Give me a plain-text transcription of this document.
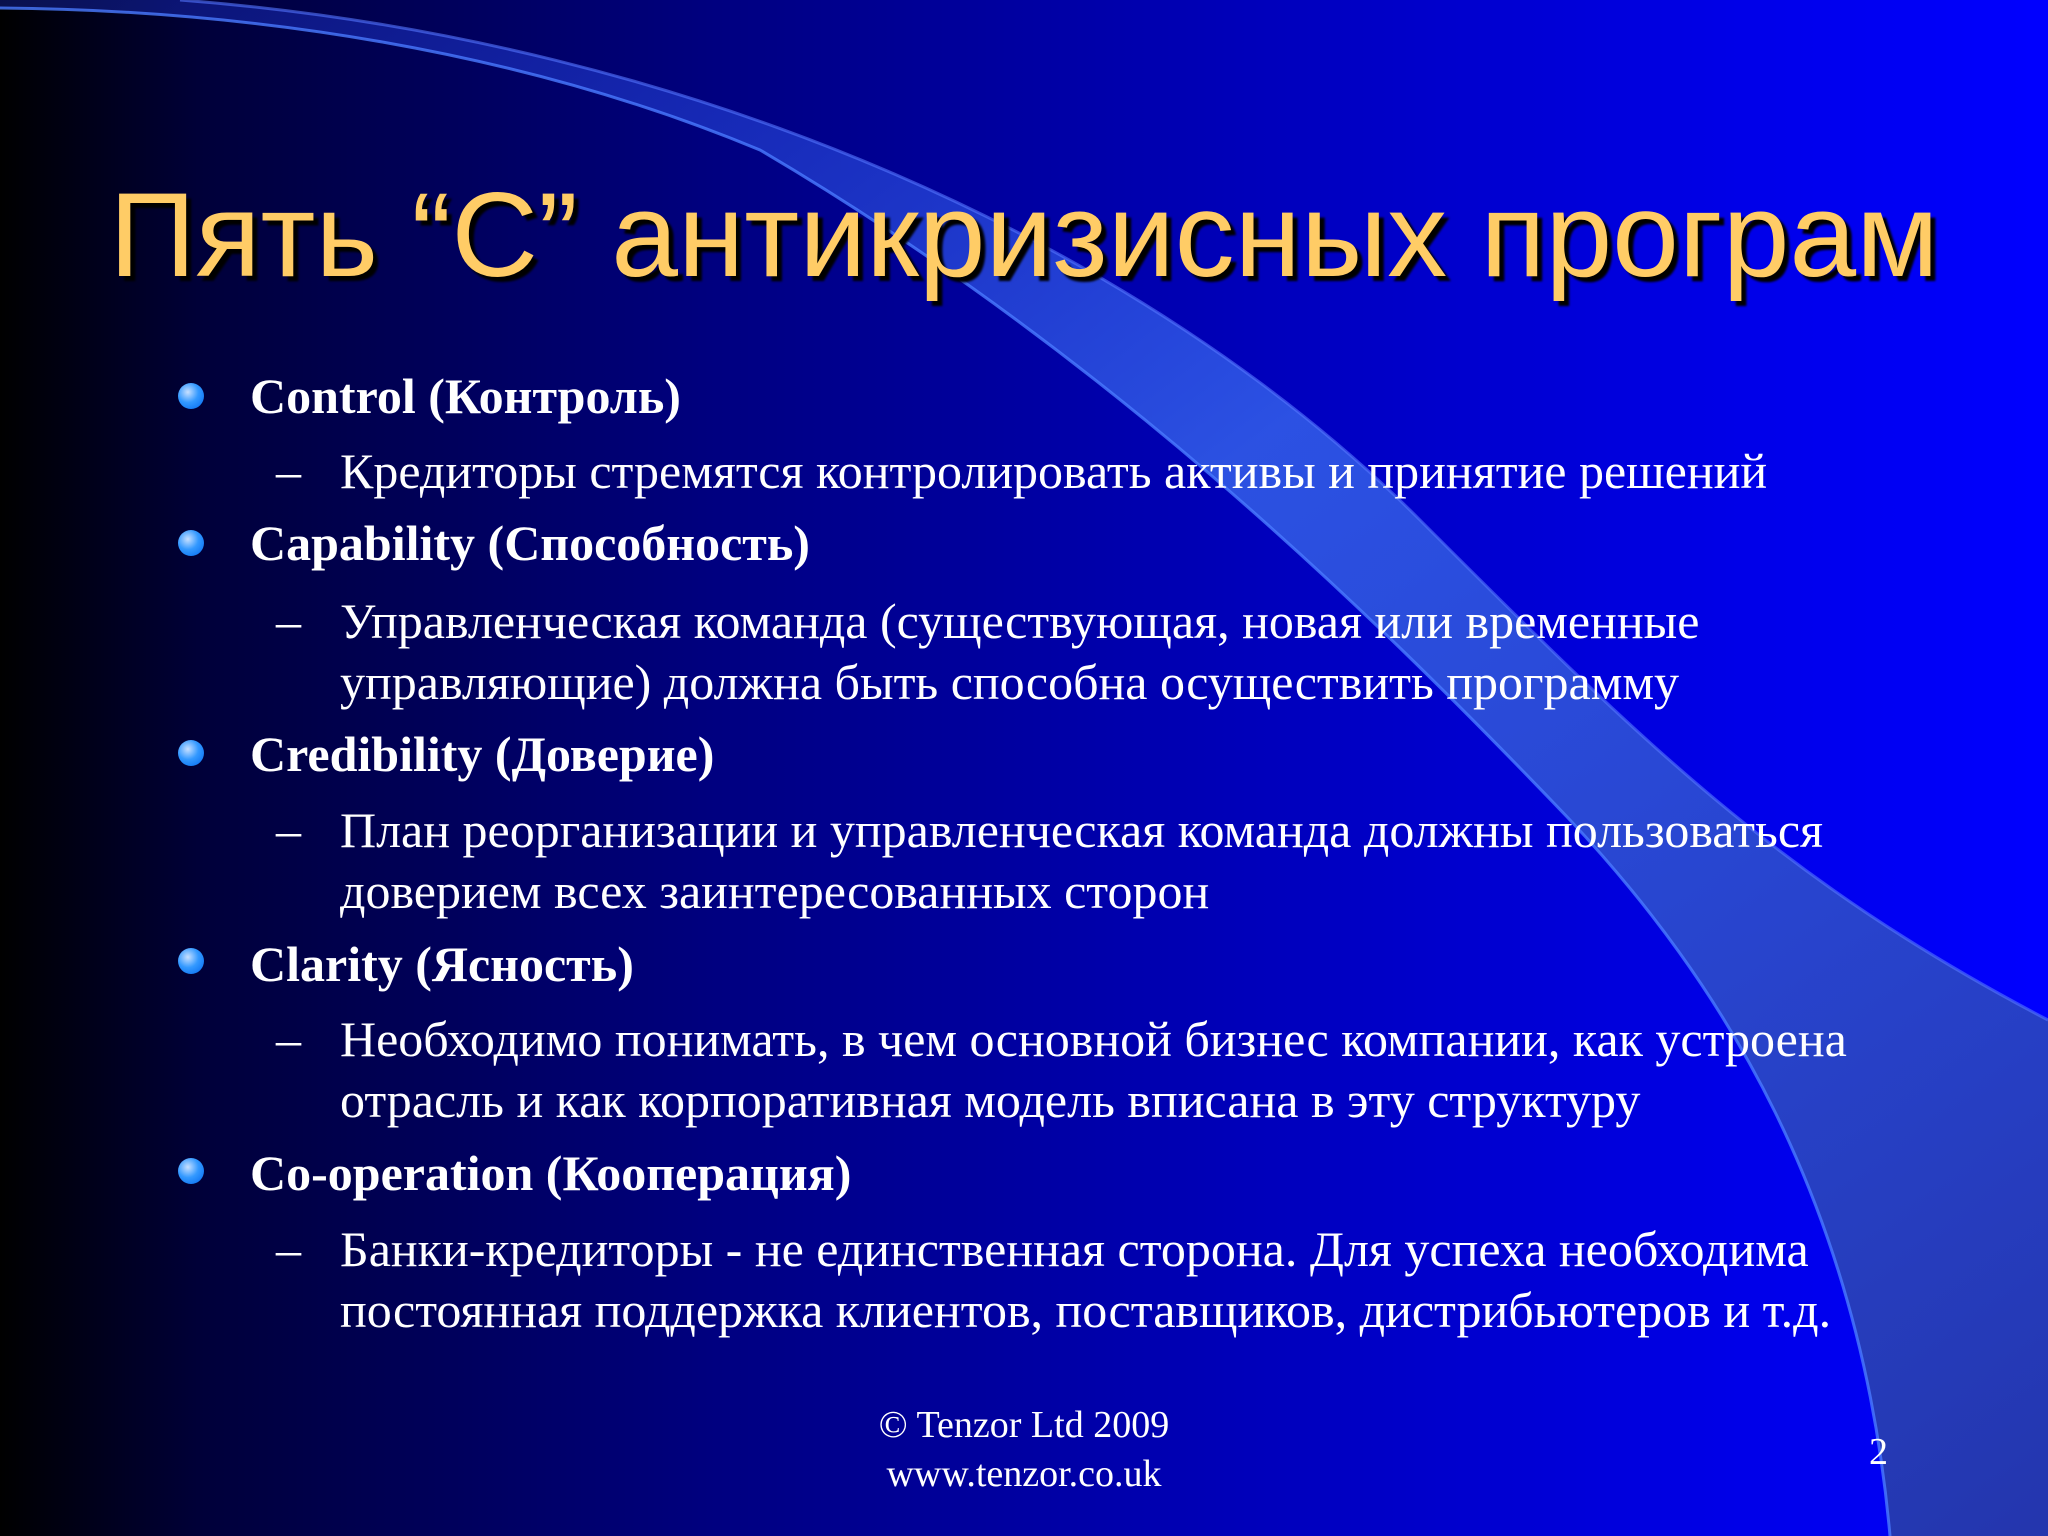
Пять “С” антикризисных програм
Control (Контроль)
– Кредиторы стремятся контролировать активы и принятие решений
Capability (Способность)
– Управленческая команда (существующая, новая или временные
управляющие) должна быть способна осуществить программу
Credibility (Доверие)
– План реорганизации и управленческая команда должны пользоваться
доверием всех заинтересованных сторон
Clarity (Ясность)
– Необходимо понимать, в чем основной бизнес компании, как устроена
отрасль и как корпоративная модель вписана в эту структуру
Co-operation (Кооперация)
– Банки-кредиторы - не единственная сторона. Для успеха необходима
постоянная поддержка клиентов, поставщиков, дистрибьютеров и т.д.
© Tenzor Ltd 2009
www.tenzor.co.uk
2
